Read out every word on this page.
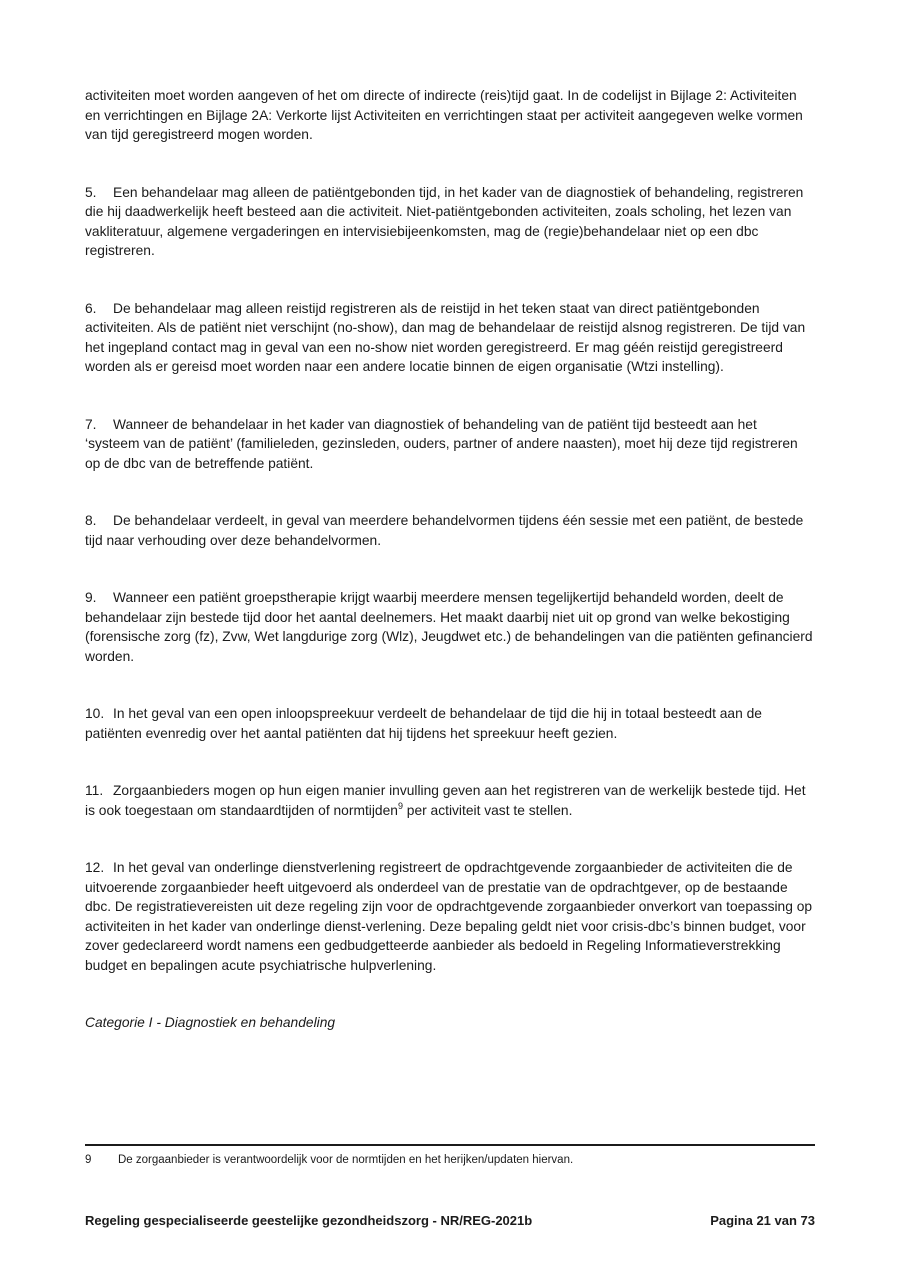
activiteiten moet worden aangeven of het om directe of indirecte (reis)tijd gaat. In de codelijst in Bijlage 2: Activiteiten en verrichtingen en Bijlage 2A: Verkorte lijst Activiteiten en verrichtingen staat per activiteit aangegeven welke vormen van tijd geregistreerd mogen worden.

5. Een behandelaar mag alleen de patiëntgebonden tijd, in het kader van de diagnostiek of behandeling, registreren die hij daadwerkelijk heeft besteed aan die activiteit. Niet-patiëntgebonden activiteiten, zoals scholing, het lezen van vakliteratuur, algemene vergaderingen en intervisiebijeenkomsten, mag de (regie)behandelaar niet op een dbc registreren.

6. De behandelaar mag alleen reistijd registreren als de reistijd in het teken staat van direct patiëntgebonden activiteiten. Als de patiënt niet verschijnt (no-show), dan mag de behandelaar de reistijd alsnog registreren. De tijd van het ingepland contact mag in geval van een no-show niet worden geregistreerd. Er mag géén reistijd geregistreerd worden als er gereisd moet worden naar een andere locatie binnen de eigen organisatie (Wtzi instelling).

7. Wanneer de behandelaar in het kader van diagnostiek of behandeling van de patiënt tijd besteedt aan het ‘systeem van de patiënt’ (familieleden, gezinsleden, ouders, partner of andere naasten), moet hij deze tijd registreren op de dbc van de betreffende patiënt.

8. De behandelaar verdeelt, in geval van meerdere behandelvormen tijdens één sessie met een patiënt, de bestede tijd naar verhouding over deze behandelvormen.

9. Wanneer een patiënt groepstherapie krijgt waarbij meerdere mensen tegelijkertijd behandeld worden, deelt de behandelaar zijn bestede tijd door het aantal deelnemers. Het maakt daarbij niet uit op grond van welke bekostiging (forensische zorg (fz), Zvw, Wet langdurige zorg (Wlz), Jeugdwet etc.) de behandelingen van die patiënten gefinancierd worden.

10. In het geval van een open inloopspreekuur verdeelt de behandelaar de tijd die hij in totaal besteedt aan de patiënten evenredig over het aantal patiënten dat hij tijdens het spreekuur heeft gezien.

11. Zorgaanbieders mogen op hun eigen manier invulling geven aan het registreren van de werkelijk bestede tijd. Het is ook toegestaan om standaardtijden of normtijden$^9$ per activiteit vast te stellen.

12. In het geval van onderlinge dienstverlening registreert de opdrachtgevende zorgaanbieder de activiteiten die de uitvoerende zorgaanbieder heeft uitgevoerd als onderdeel van de prestatie van de opdrachtgever, op de bestaande dbc. De registratievereisten uit deze regeling zijn voor de opdrachtgevende zorgaanbieder onverkort van toepassing op activiteiten in het kader van onderlinge dienst-verlening. Deze bepaling geldt niet voor crisis-dbc’s binnen budget, voor zover gedeclareerd wordt namens een gedbudgetteerde aanbieder als bedoeld in Regeling Informatieverstrekking budget en bepalingen acute psychiatrische hulpverlening.

Categorie I - Diagnostiek en behandeling

9 De zorgaanbieder is verantwoordelijk voor de normtijden en het herijken/updaten hiervan.
Regeling gespecialiseerde geestelijke gezondheidszorg - NR/REG-2021b	Pagina 21 van 73
